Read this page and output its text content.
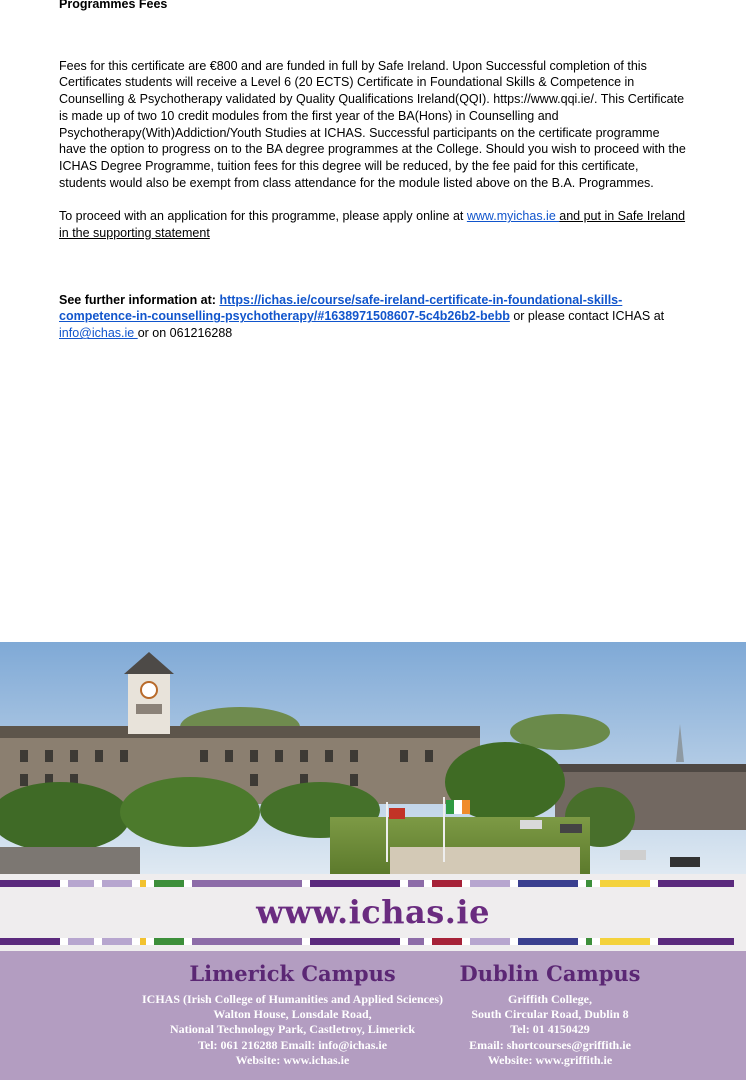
Programmes Fees
Fees for this certificate are €800 and are funded in full by Safe Ireland. Upon Successful completion of this Certificates students will receive a Level 6 (20 ECTS) Certificate in Foundational Skills & Competence in Counselling & Psychotherapy validated by Quality Qualifications Ireland(QQI). https://www.qqi.ie/. This Certificate is made up of two 10 credit modules from the first year of the BA(Hons) in Counselling and Psychotherapy(With)Addiction/Youth Studies at ICHAS. Successful participants on the certificate programme have the option to progress on to the BA degree programmes at the College. Should you wish to proceed with the ICHAS Degree Programme, tuition fees for this degree will be reduced, by the fee paid for this certificate, students would also be exempt from class attendance for the module listed above on the B.A. Programmes.
To proceed with an application for this programme, please apply online at www.myichas.ie and put in Safe Ireland in the supporting statement
See further information at: https://ichas.ie/course/safe-ireland-certificate-in-foundational-skills-competence-in-counselling-psychotherapy/#1638971508607-5c4b26b2-bebb or please contact ICHAS at
info@ichas.ie or on 061216288
www.ichas.ie
Limerick Campus
ICHAS (Irish College of Humanities and Applied Sciences)
Walton House, Lonsdale Road,
National Technology Park, Castletroy, Limerick
Tel: 061 216288 Email: info@ichas.ie
Website: www.ichas.ie
Dublin Campus
Griffith College,
South Circular Road, Dublin 8
Tel: 01 4150429
Email: shortcourses@griffith.ie
Website: www.griffith.ie
